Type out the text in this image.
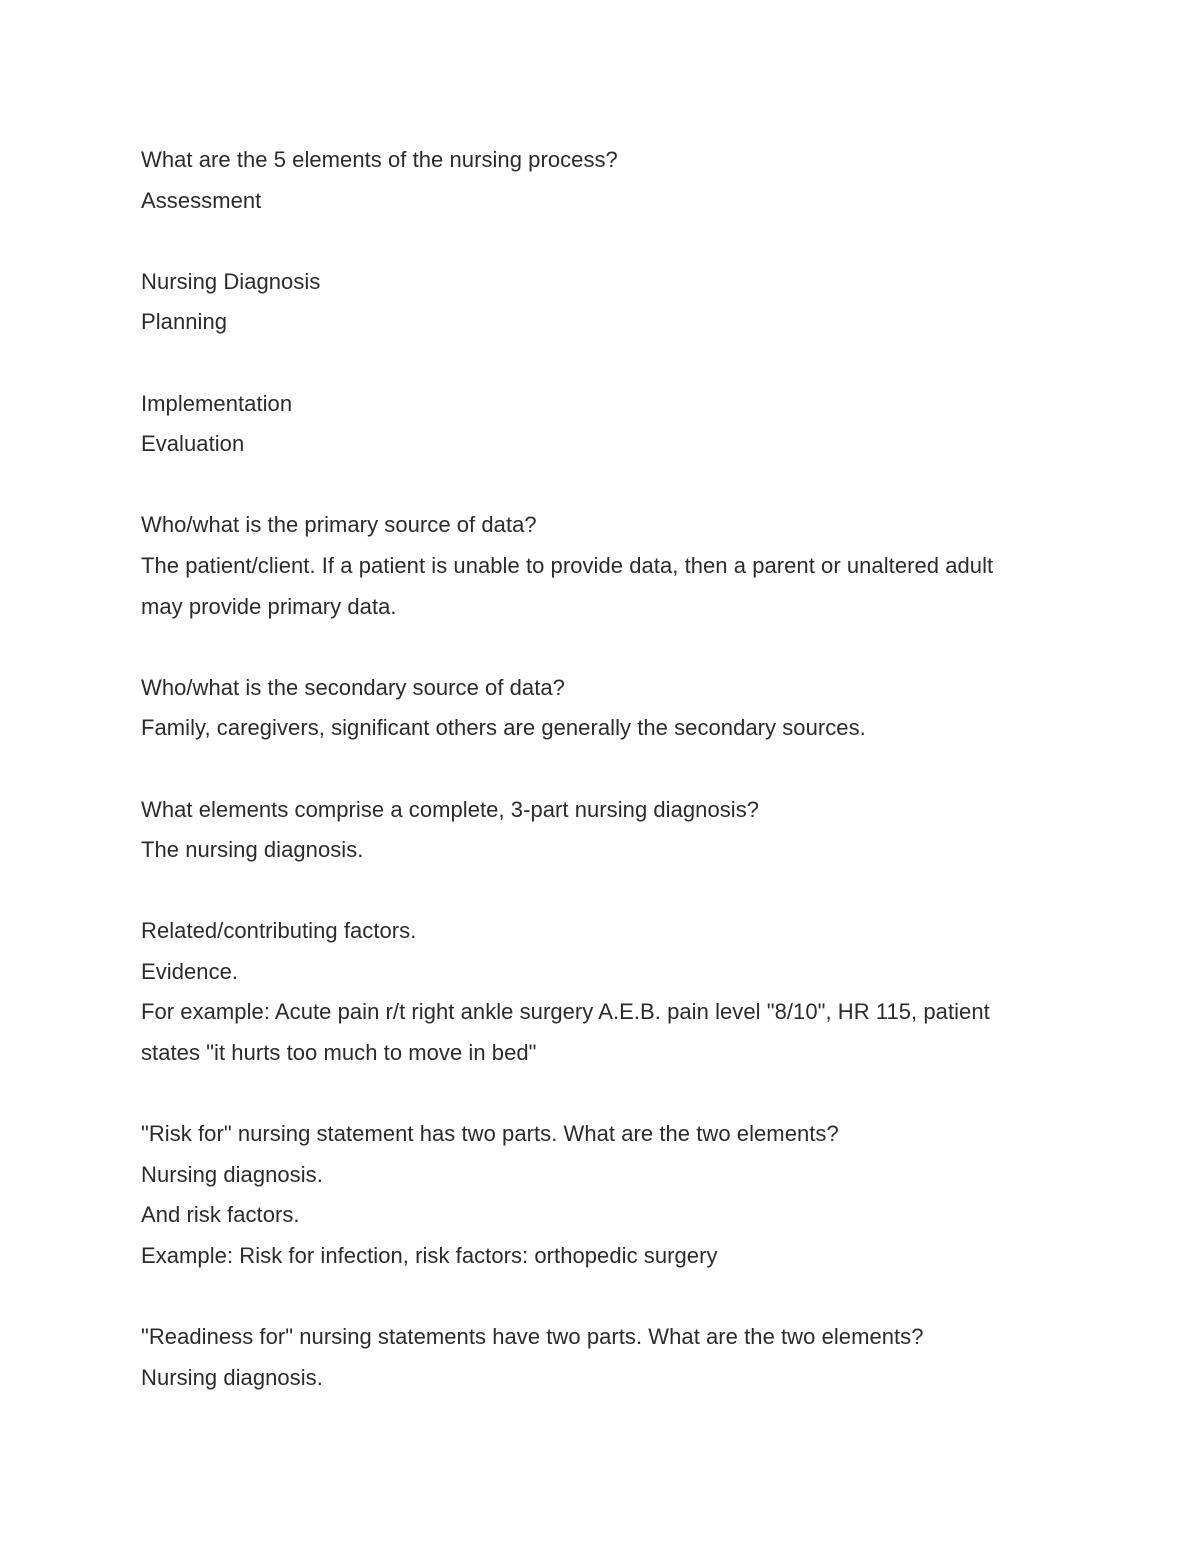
What are the 5 elements of the nursing process?
Assessment
Nursing Diagnosis
Planning
Implementation
Evaluation
Who/what is the primary source of data?
The patient/client. If a patient is unable to provide data, then a parent or unaltered adult
may provide primary data.
Who/what is the secondary source of data?
Family, caregivers, significant others are generally the secondary sources.
What elements comprise a complete, 3-part nursing diagnosis?
The nursing diagnosis.
Related/contributing factors.
Evidence.
For example: Acute pain r/t right ankle surgery A.E.B. pain level "8/10", HR 115, patient
states "it hurts too much to move in bed"
"Risk for" nursing statement has two parts. What are the two elements?
Nursing diagnosis.
And risk factors.
Example: Risk for infection, risk factors: orthopedic surgery
"Readiness for" nursing statements have two parts. What are the two elements?
Nursing diagnosis.
